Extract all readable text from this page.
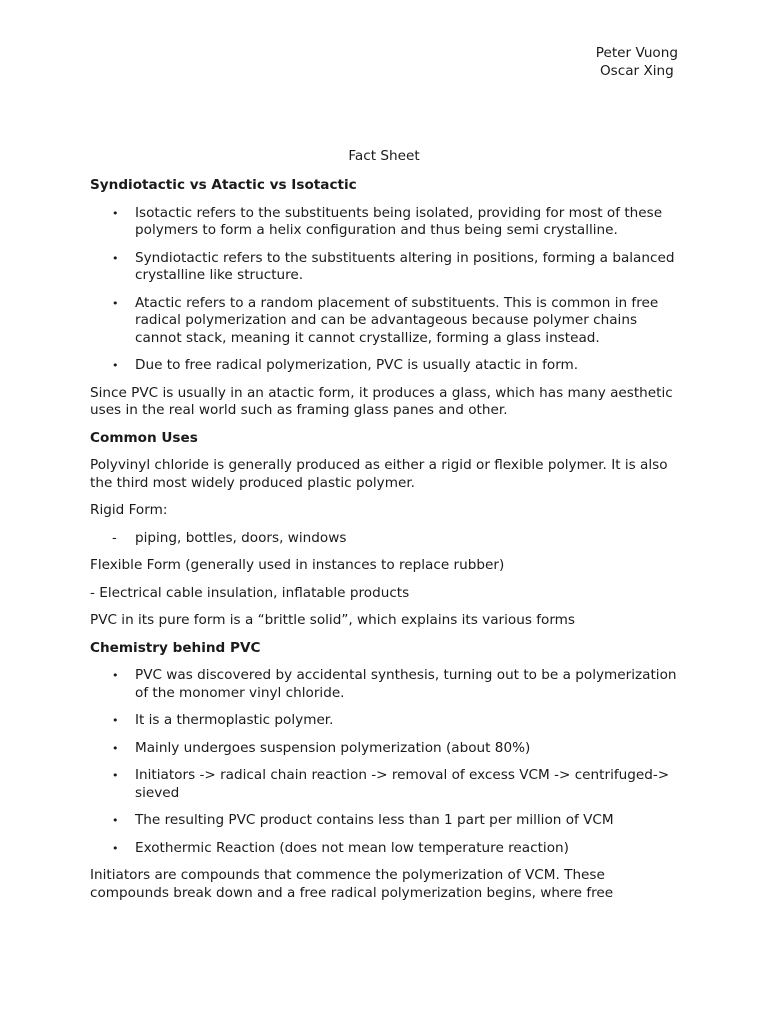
Peter Vuong
Oscar Xing
Fact Sheet
Syndiotactic vs Atactic vs Isotactic
• Isotactic refers to the substituents being isolated, providing for most of these polymers to form a helix configuration and thus being semi crystalline.
• Syndiotactic refers to the substituents altering in positions, forming a balanced crystalline like structure.
• Atactic refers to a random placement of substituents. This is common in free radical polymerization and can be advantageous because polymer chains cannot stack, meaning it cannot crystallize, forming a glass instead.
• Due to free radical polymerization, PVC is usually atactic in form.

Since PVC is usually in an atactic form, it produces a glass, which has many aesthetic uses in the real world such as framing glass panes and other.

Common Uses

Polyvinyl chloride is generally produced as either a rigid or flexible polymer. It is also the third most widely produced plastic polymer.

Rigid Form:

- piping, bottles, doors, windows

Flexible Form (generally used in instances to replace rubber)

- Electrical cable insulation, inflatable products

PVC in its pure form is a “brittle solid”, which explains its various forms

Chemistry behind PVC
• PVC was discovered by accidental synthesis, turning out to be a polymerization of the monomer vinyl chloride.
• It is a thermoplastic polymer.
• Mainly undergoes suspension polymerization (about 80%)
• Initiators -> radical chain reaction -> removal of excess VCM -> centrifuged-> sieved
• The resulting PVC product contains less than 1 part per million of VCM
• Exothermic Reaction (does not mean low temperature reaction)

Initiators are compounds that commence the polymerization of VCM. These compounds break down and a free radical polymerization begins, where free
